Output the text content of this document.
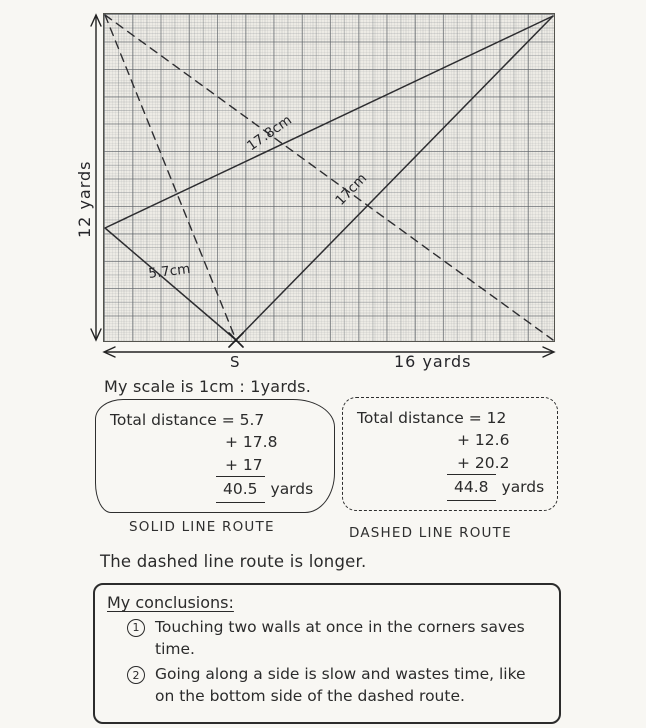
12 yards
16 yards
S
17.8cm
17cm
5.7cm
My scale is 1cm : 1yards.
Total distance = 5.7
+ 17.8
+ 17
40.5 yards
SOLID LINE ROUTE
Total distance = 12
+ 12.6
+ 20.2
44.8 yards
DASHED LINE ROUTE
The dashed line route is longer.
My conclusions:
1	Touching two walls at once in the corners saves time.
2	Going along a side is slow and wastes time, like on the bottom side of the dashed route.
